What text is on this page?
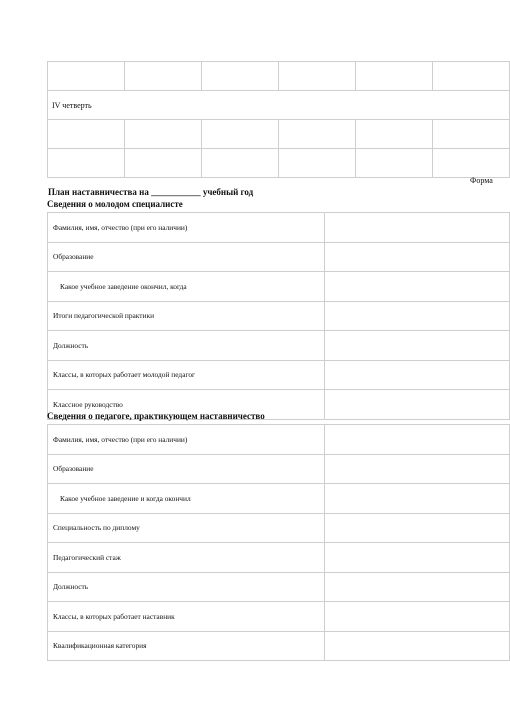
IV четверть					

Форма
План наставничества на ___________ учебный год
Сведения о молодом специалисте
Фамилия, имя, отчество (при его наличии)	
Образование	
Какое учебное заведение окончил, когда	
Итоги педагогической практики	
Должность	
Классы, в которых работает молодой педагог	
Классное руководство	
Сведения о педагоге, практикующем наставничество
Фамилия, имя, отчество (при его наличии)	
Образование	
Какое учебное заведение и когда окончил	
Специальность по диплому	
Педагогический стаж	
Должность	
Классы, в которых работает наставник	
Квалификационная категория	
